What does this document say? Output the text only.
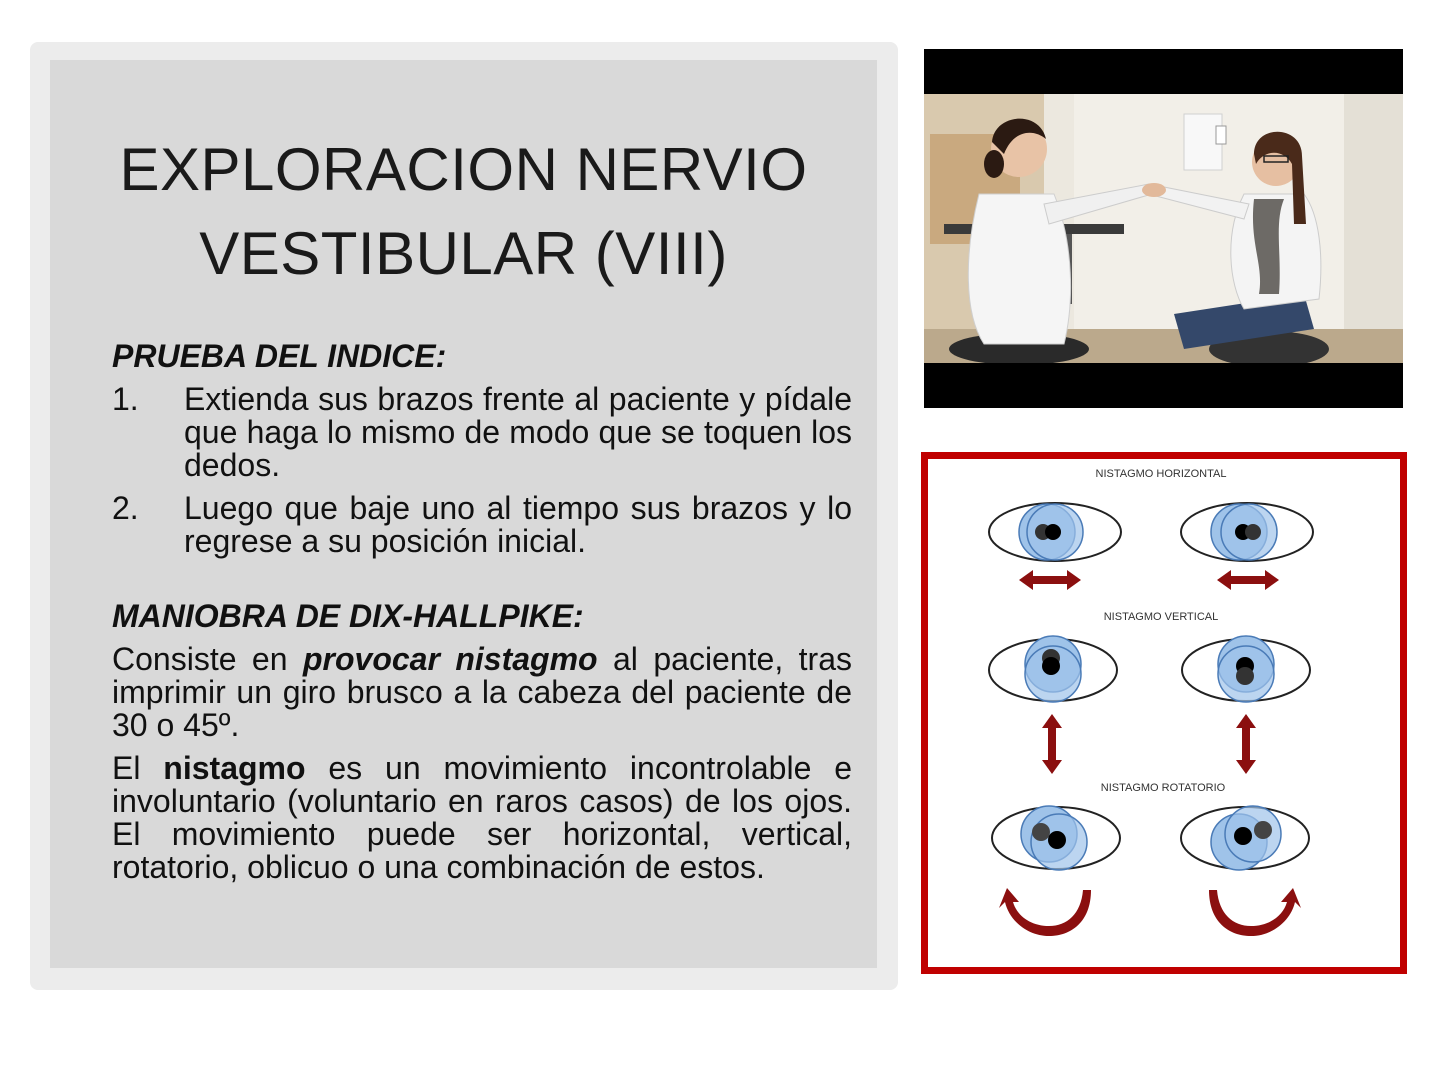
EXPLORACION NERVIO
VESTIBULAR (VIII)
PRUEBA DEL INDICE:
1.	Extienda sus brazos frente al paciente y pídale que haga lo mismo de modo que se toquen los dedos.
2.	Luego que baje uno al tiempo sus brazos y lo regrese a su posición inicial.
MANIOBRA DE DIX-HALLPIKE:

Consiste en provocar nistagmo al paciente, tras imprimir un giro brusco a la cabeza del paciente de 30 o 45º.

El nistagmo es un movimiento incontrolable e involuntario (voluntario en raros casos) de los ojos. El movimiento puede ser horizontal, vertical, rotatorio, oblicuo o una combinación de estos.

NISTAGMO HORIZONTAL
NISTAGMO VERTICAL
NISTAGMO ROTATORIO
